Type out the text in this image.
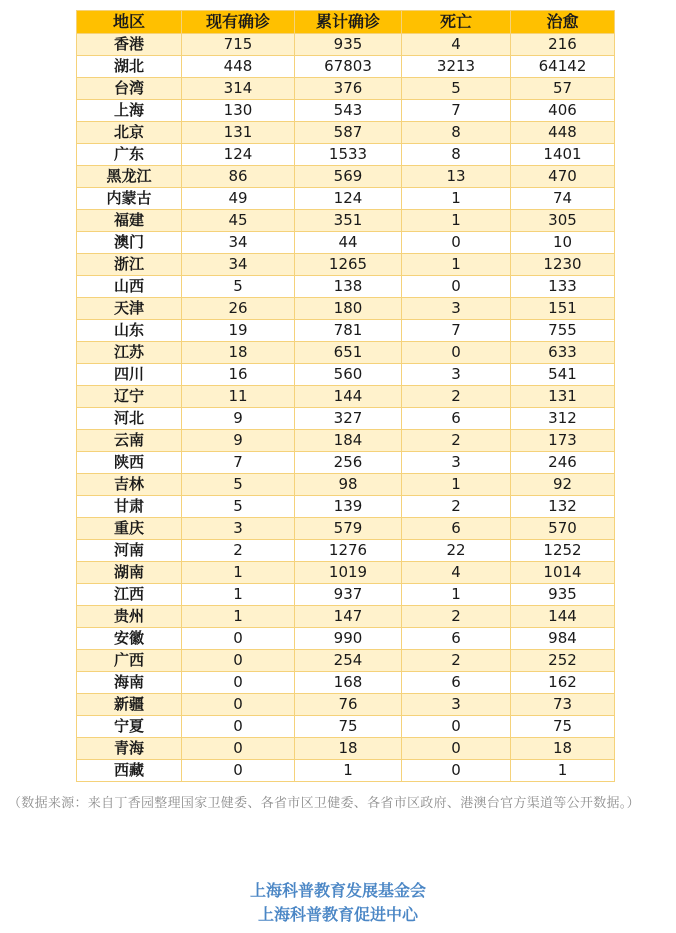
地区	现有确诊	累计确诊	死亡	治愈
香港	715	935	4	216
湖北	448	67803	3213	64142
台湾	314	376	5	57
上海	130	543	7	406
北京	131	587	8	448
广东	124	1533	8	1401
黑龙江	86	569	13	470
内蒙古	49	124	1	74
福建	45	351	1	305
澳门	34	44	0	10
浙江	34	1265	1	1230
山西	5	138	0	133
天津	26	180	3	151
山东	19	781	7	755
江苏	18	651	0	633
四川	16	560	3	541
辽宁	11	144	2	131
河北	9	327	6	312
云南	9	184	2	173
陕西	7	256	3	246
吉林	5	98	1	92
甘肃	5	139	2	132
重庆	3	579	6	570
河南	2	1276	22	1252
湖南	1	1019	4	1014
江西	1	937	1	935
贵州	1	147	2	144
安徽	0	990	6	984
广西	0	254	2	252
海南	0	168	6	162
新疆	0	76	3	73
宁夏	0	75	0	75
青海	0	18	0	18
西藏	0	1	0	1
（数据来源：来自丁香园整理国家卫健委、各省市区卫健委、各省市区政府、港澳台官方渠道等公开数据。）
上海科普教育发展基金会
上海科普教育促进中心
